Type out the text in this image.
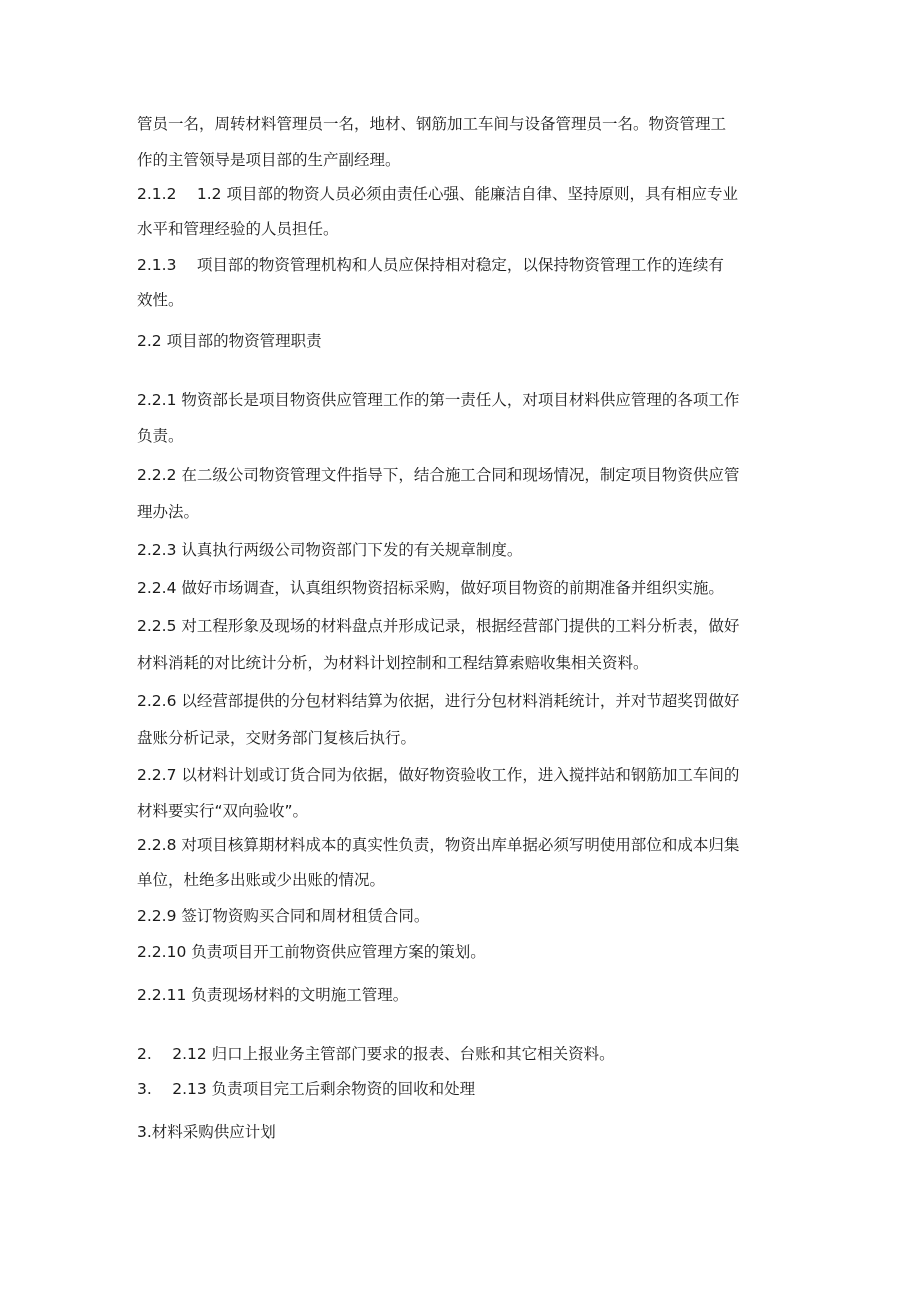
管员一名，周转材料管理员一名，地材、钢筋加工车间与设备管理员一名。物资管理工
作的主管领导是项目部的生产副经理。
2.1.2　 1.2 项目部的物资人员必须由责任心强、能廉洁自律、坚持原则，具有相应专业
水平和管理经验的人员担任。
2.1.3　 项目部的物资管理机构和人员应保持相对稳定，以保持物资管理工作的连续有
效性。
2.2 项目部的物资管理职责
2.2.1 物资部长是项目物资供应管理工作的第一责任人，对项目材料供应管理的各项工作
负责。
2.2.2 在二级公司物资管理文件指导下，结合施工合同和现场情况，制定项目物资供应管
理办法。
2.2.3 认真执行两级公司物资部门下发的有关规章制度。
2.2.4 做好市场调查，认真组织物资招标采购，做好项目物资的前期准备并组织实施。
2.2.5 对工程形象及现场的材料盘点并形成记录，根据经营部门提供的工料分析表，做好
材料消耗的对比统计分析，为材料计划控制和工程结算索赔收集相关资料。
2.2.6 以经营部提供的分包材料结算为依据，进行分包材料消耗统计，并对节超奖罚做好
盘账分析记录，交财务部门复核后执行。
2.2.7 以材料计划或订货合同为依据，做好物资验收工作，进入搅拌站和钢筋加工车间的
材料要实行“双向验收”。
2.2.8 对项目核算期材料成本的真实性负责，物资出库单据必须写明使用部位和成本归集
单位，杜绝多出账或少出账的情况。
2.2.9 签订物资购买合同和周材租赁合同。
2.2.10 负责项目开工前物资供应管理方案的策划。
2.2.11 负责现场材料的文明施工管理。
2.　 2.12 归口上报业务主管部门要求的报表、台账和其它相关资料。
3.　 2.13 负责项目完工后剩余物资的回收和处理
3.材料采购供应计划
